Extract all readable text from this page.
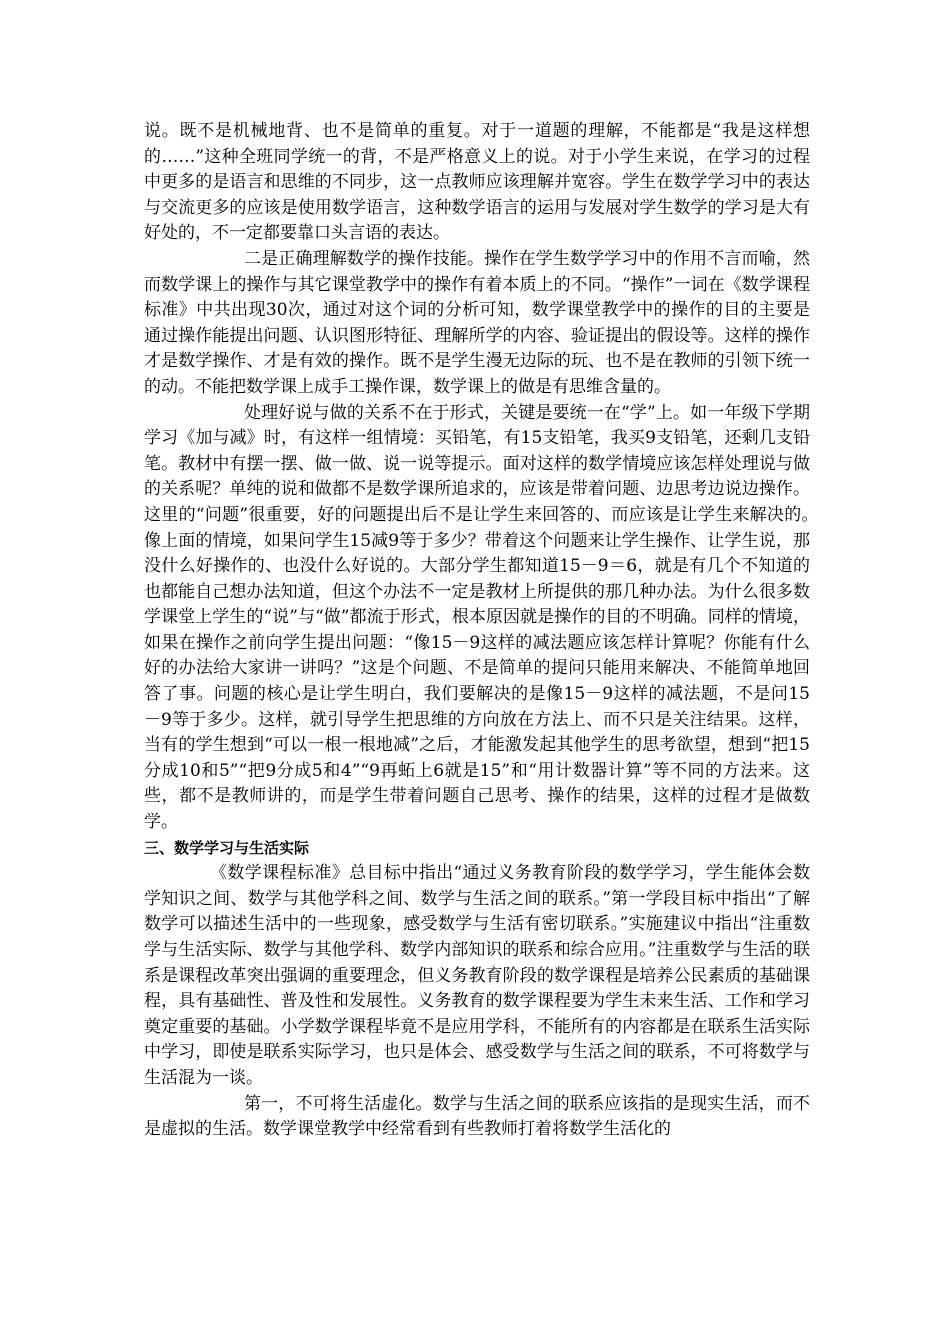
说。既不是机械地背、也不是简单的重复。对于一道题的理解，不能都是“我是这样想的……”这种全班同学统一的背，不是严格意义上的说。对于小学生来说，在学习的过程中更多的是语言和思维的不同步，这一点教师应该理解并宽容。学生在数学学习中的表达与交流更多的应该是使用数学语言，这种数学语言的运用与发展对学生数学的学习是大有好处的，不一定都要靠口头言语的表达。

二是正确理解数学的操作技能。操作在学生数学学习中的作用不言而喻，然而数学课上的操作与其它课堂教学中的操作有着本质上的不同。“操作”一词在《数学课程标准》中共出现30次，通过对这个词的分析可知，数学课堂教学中的操作的目的主要是通过操作能提出问题、认识图形特征、理解所学的内容、验证提出的假设等。这样的操作才是数学操作、才是有效的操作。既不是学生漫无边际的玩、也不是在教师的引领下统一的动。不能把数学课上成手工操作课，数学课上的做是有思维含量的。

处理好说与做的关系不在于形式，关键是要统一在“学”上。如一年级下学期学习《加与减》时，有这样一组情境：买铅笔，有15支铅笔，我买9支铅笔，还剩几支铅笔。教材中有摆一摆、做一做、说一说等提示。面对这样的数学情境应该怎样处理说与做的关系呢？单纯的说和做都不是数学课所追求的，应该是带着问题、边思考边说边操作。这里的“问题”很重要，好的问题提出后不是让学生来回答的、而应该是让学生来解决的。　　　像上面的情境，如果问学生15减9等于多少？带着这个问题来让学生操作、让学生说，那没什么好操作的、也没什么好说的。大部分学生都知道15－9＝6，就是有几个不知道的也都能自己想办法知道，但这个办法不一定是教材上所提供的那几种办法。为什么很多数学课堂上学生的“说”与“做”都流于形式，根本原因就是操作的目的不明确。同样的情境，如果在操作之前向学生提出问题：“像15－9这样的减法题应该怎样计算呢？你能有什么好的办法给大家讲一讲吗？”这是个问题、不是简单的提问只能用来解决、不能简单地回答了事。问题的核心是让学生明白，我们要解决的是像15－9这样的减法题，不是问15－9等于多少。这样，就引导学生把思维的方向放在方法上、而不只是关注结果。这样，当有的学生想到“可以一根一根地减”之后，才能激发起其他学生的思考欲望，想到“把15分成10和5”“把9分成5和4”“9再䖨上6就是15”和“用计数器计算”等不同的方法来。这些，都不是教师讲的，而是学生带着问题自己思考、操作的结果，这样的过程才是做数学。

三、数学学习与生活实际

《数学课程标准》总目标中指出“通过义务教育阶段的数学学习，学生能体会数学知识之间、数学与其他学科之间、数学与生活之间的联系。”第一学段目标中指出“了解数学可以描述生活中的一些现象，感受数学与生活有密切联系。”实施建议中指出“注重数学与生活实际、数学与其他学科、数学内部知识的联系和综合应用。”注重数学与生活的联系是课程改革突出强调的重要理念，但义务教育阶段的数学课程是培养公民素质的基础课程，具有基础性、普及性和发展性。义务教育的数学课程要为学生未来生活、工作和学习奠定重要的基础。小学数学课程毕竟不是应用学科，不能所有的内容都是在联系生活实际中学习，即使是联系实际学习，也只是体会、感受数学与生活之间的联系，不可将数学与生活混为一谈。

第一，不可将生活虚化。数学与生活之间的联系应该指的是现实生活，而不是虚拟的生活。数学课堂教学中经常看到有些教师打着将数学生活化的
